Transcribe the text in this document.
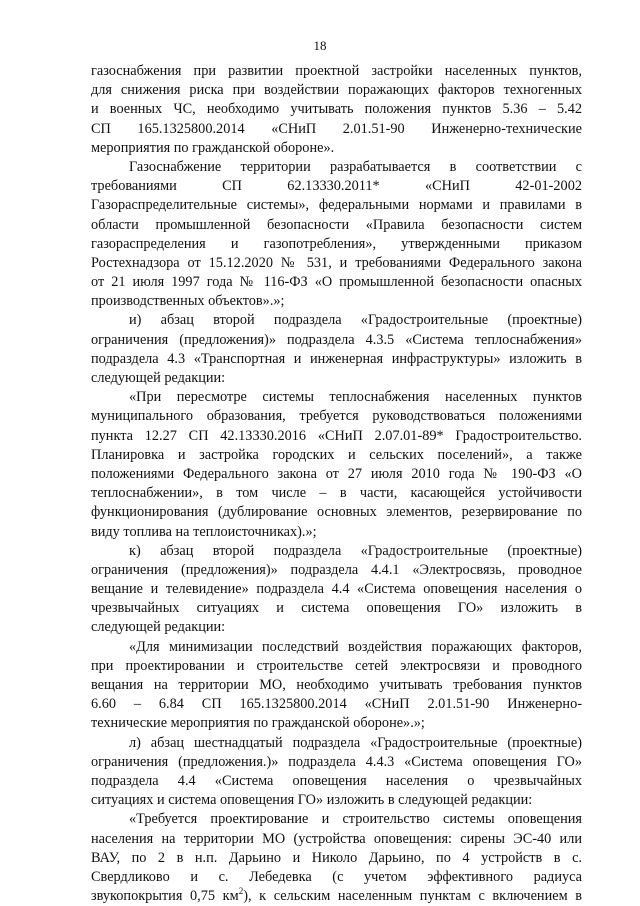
18
газоснабжения при развитии проектной застройки населенных пунктов,
для снижения риска при воздействии поражающих факторов техногенных
и военных ЧС, необходимо учитывать положения пунктов 5.36 – 5.42
СП 165.1325800.2014 «СНиП 2.01.51-90 Инженерно-технические
мероприятия по гражданской обороне».
Газоснабжение территории разрабатывается в соответствии с
требованиями СП 62.13330.2011* «СНиП 42-01-2002
Газораспределительные системы», федеральными нормами и правилами в
области промышленной безопасности «Правила безопасности систем
газораспределения и газопотребления», утвержденными приказом
Ростехнадзора от 15.12.2020 № 531, и требованиями Федерального закона
от 21 июля 1997 года № 116-ФЗ «О промышленной безопасности опасных
производственных объектов».»;
и) абзац второй подраздела «Градостроительные (проектные)
ограничения (предложения)» подраздела 4.3.5 «Система теплоснабжения»
подраздела 4.3 «Транспортная и инженерная инфраструктуры» изложить в
следующей редакции:
«При пересмотре системы теплоснабжения населенных пунктов
муниципального образования, требуется руководствоваться положениями
пункта 12.27 СП 42.13330.2016 «СНиП 2.07.01-89* Градостроительство.
Планировка и застройка городских и сельских поселений», а также
положениями Федерального закона от 27 июля 2010 года № 190-ФЗ «О
теплоснабжении», в том числе – в части, касающейся устойчивости
функционирования (дублирование основных элементов, резервирование по
виду топлива на теплоисточниках).»;
к) абзац второй подраздела «Градостроительные (проектные)
ограничения (предложения)» подраздела 4.4.1 «Электросвязь, проводное
вещание и телевидение» подраздела 4.4 «Система оповещения населения о
чрезвычайных ситуациях и система оповещения ГО» изложить в
следующей редакции:
«Для минимизации последствий воздействия поражающих факторов,
при проектировании и строительстве сетей электросвязи и проводного
вещания на территории МО, необходимо учитывать требования пунктов
6.60 – 6.84 СП 165.1325800.2014 «СНиП 2.01.51-90 Инженерно-
технические мероприятия по гражданской обороне».»;
л) абзац шестнадцатый подраздела «Градостроительные (проектные)
ограничения (предложения.)» подраздела 4.4.3 «Система оповещения ГО»
подраздела 4.4 «Система оповещения населения о чрезвычайных
ситуациях и система оповещения ГО» изложить в следующей редакции:
«Требуется проектирование и строительство системы оповещения
населения на территории МО (устройства оповещения: сирены ЭС-40 или
ВАУ, по 2 в н.п. Дарьино и Николо Дарьино, по 4 устройств в с.
Свердликово и с. Лебедевка (с учетом эффективного радиуса
звукопокрытия 0,75 $км^2$), к сельским населенным пунктам с включением в
